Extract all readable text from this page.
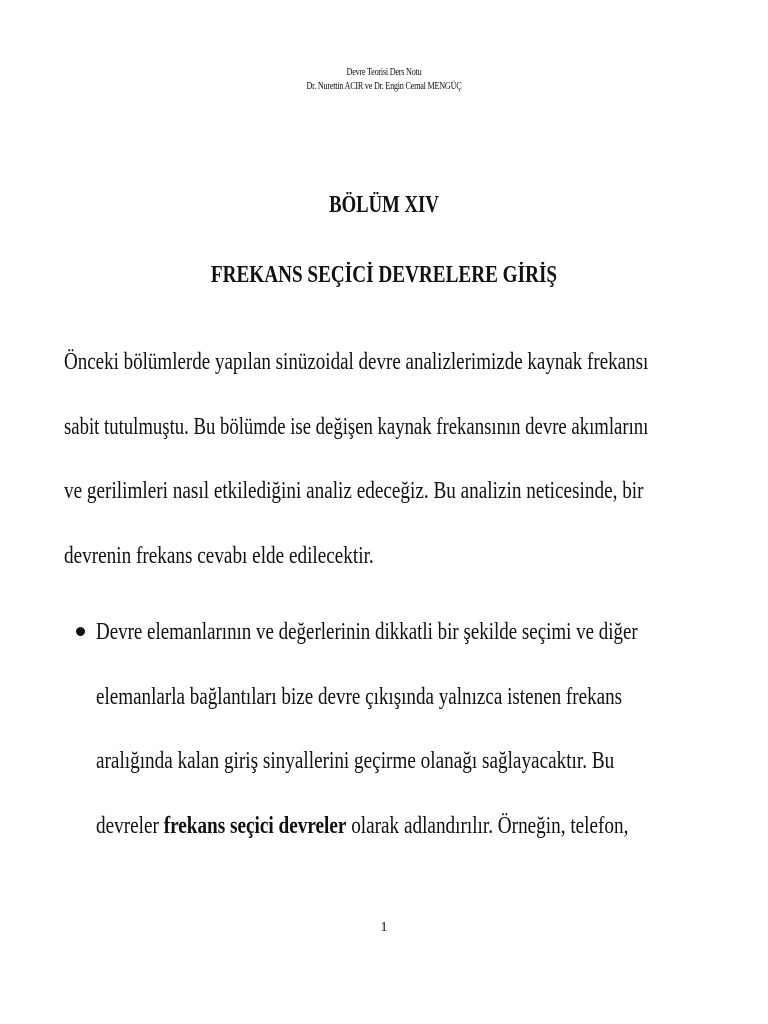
Devre Teorisi Ders Notu
Dr. Nurettin ACIR ve Dr. Engin Cemal MENGÜÇ
BÖLÜM XIV
FREKANS SEÇİCİ DEVRELERE GİRİŞ
Önceki bölümlerde yapılan sinüzoidal devre analizlerimizde kaynak frekansı
sabit tutulmuştu. Bu bölümde ise değişen kaynak frekansının devre akımlarını
ve gerilimleri nasıl etkilediğini analiz edeceğiz. Bu analizin neticesinde, bir
devrenin frekans cevabı elde edilecektir.
Devre elemanlarının ve değerlerinin dikkatli bir şekilde seçimi ve diğer
elemanlarla bağlantıları bize devre çıkışında yalnızca istenen frekans
aralığında kalan giriş sinyallerini geçirme olanağı sağlayacaktır. Bu
devreler frekans seçici devreler olarak adlandırılır. Örneğin, telefon,
1
